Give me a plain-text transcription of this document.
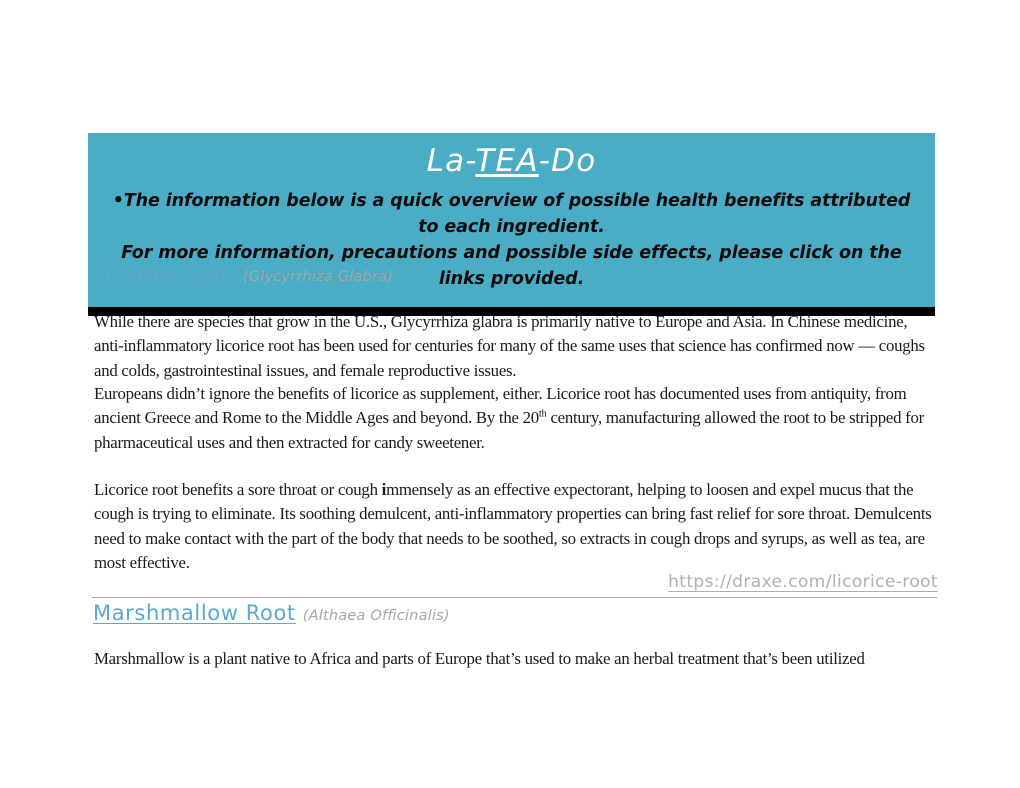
La-TEA-Do
•The information below is a quick overview of possible health benefits attributed to each ingredient.
For more information, precautions and possible side effects, please click on the links provided.
Licorice Root (Glycyrrhiza Glabra)

While there are species that grow in the U.S., Glycyrrhiza glabra is primarily native to Europe and Asia. In Chinese medicine, anti-inflammatory licorice root has been used for centuries for many of the same uses that science has confirmed now — coughs and colds, gastrointestinal issues, and female reproductive issues.

Europeans didn’t ignore the benefits of licorice as supplement, either. Licorice root has documented uses from antiquity, from ancient Greece and Rome to the Middle Ages and beyond. By the 20th century, manufacturing allowed the root to be stripped for pharmaceutical uses and then extracted for candy sweetener.

Licorice root benefits a sore throat or cough immensely as an effective expectorant, helping to loosen and expel mucus that the cough is trying to eliminate. Its soothing demulcent, anti-inflammatory properties can bring fast relief for sore throat. Demulcents need to make contact with the part of the body that needs to be soothed, so extracts in cough drops and syrups, as well as tea, are most effective.

https://draxe.com/licorice-root
Marshmallow Root (Althaea Officinalis)

Marshmallow is a plant native to Africa and parts of Europe that’s used to make an herbal treatment that’s been utilized
